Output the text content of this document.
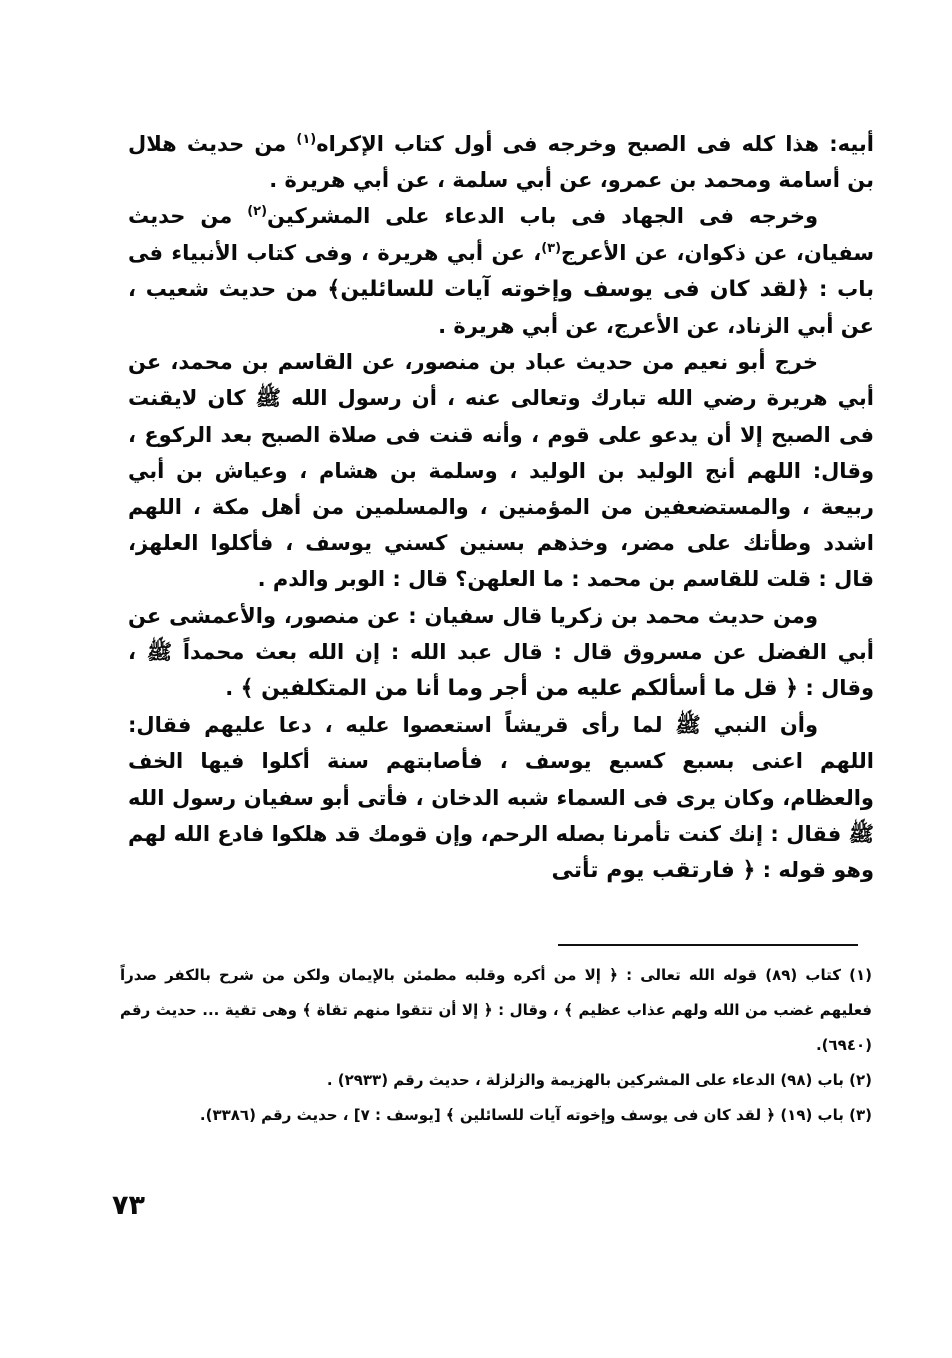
أبيه: هذا كله فى الصبح وخرجه فى أول كتاب الإكراه$^{(١)}$ من حديث هلال بن أسامة ومحمد بن عمرو، عن أبي سلمة ، عن أبي هريرة .

وخرجه فى الجهاد فى باب الدعاء على المشركين$^{(٢)}$ من حديث سفيان، عن ذكوان، عن الأعرج$^{(٣)}$، عن أبي هريرة ، وفى كتاب الأنبياء فى باب : ﴿لقد كان فى يوسف وإخوته آيات للسائلين﴾ من حديث شعيب ، عن أبي الزناد، عن الأعرج، عن أبي هريرة .

خرج أبو نعيم من حديث عباد بن منصور، عن القاسم بن محمد، عن أبي هريرة رضي الله تبارك وتعالى عنه ، أن رسول الله ﷺ كان لايقنت فى الصبح إلا أن يدعو على قوم ، وأنه قنت فى صلاة الصبح بعد الركوع ، وقال: اللهم أنج الوليد بن الوليد ، وسلمة بن هشام ، وعياش بن أبي ربيعة ، والمستضعفين من المؤمنين ، والمسلمين من أهل مكة ، اللهم اشدد وطأتك على مضر، وخذهم بسنين كسني يوسف ، فأكلوا العلهز، قال : قلت للقاسم بن محمد : ما العلهن؟ قال : الوبر والدم .

ومن حديث محمد بن زكريا قال سفيان : عن منصور، والأعمشى عن أبي الفضل عن مسروق قال : قال عبد الله : إن الله بعث محمداً ﷺ ، وقال : ﴿ قل ما أسألكم عليه من أجر وما أنا من المتكلفين ﴾ .

وأن النبي ﷺ لما رأى قريشاً استعصوا عليه ، دعا عليهم فقال: اللهم اعنى بسبع كسبع يوسف ، فأصابتهم سنة أكلوا فيها الخف والعظام، وكان يرى فى السماء شبه الدخان ، فأتى أبو سفيان رسول الله ﷺ فقال : إنك كنت تأمرنا بصله الرحم، وإن قومك قد هلكوا فادع الله لهم وهو قوله : ﴿ فارتقب يوم تأتى

(١) كتاب (٨٩) قوله الله تعالى : ﴿ إلا من أكره وقلبه مطمئن بالإيمان ولكن من شرح بالكفر صدراً فعليهم غضب من الله ولهم عذاب عظيم ﴾ ، وقال : ﴿ إلا أن تتقوا منهم تقاة ﴾ وهى تقية ... حديث رقم (٦٩٤٠).

(٢) باب (٩٨) الدعاء على المشركين بالهزيمة والزلزلة ، حديث رقم (٢٩٣٣) .

(٣) باب (١٩) ﴿ لقد كان فى يوسف وإخوته آيات للسائلين ﴾ [يوسف : ٧] ، حديث رقم (٣٣٨٦).

٧٣
